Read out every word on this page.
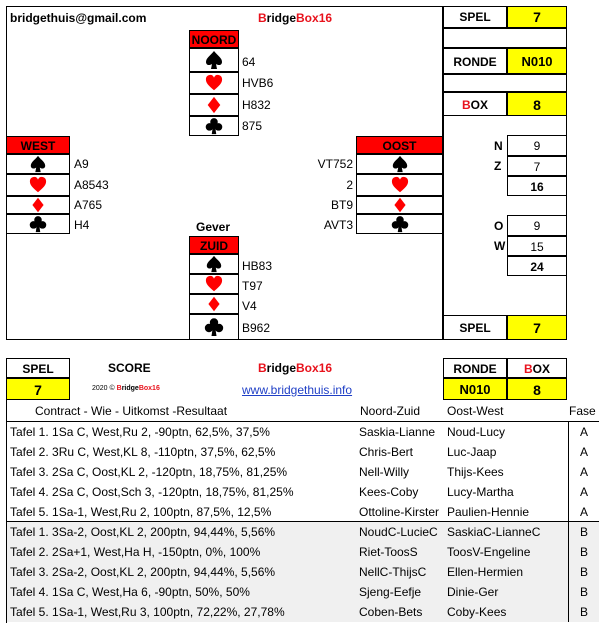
bridgethuis@gmail.com	BridgeBox16	SPEL	7
RONDE	N010
BOX	8
N	9
Z	7
16
O	9
W	15
24
SPEL	7
NOORD
64
HVB6
H832
875
WEST
A9
A8543
A765
H4
OOST
VT752
2
BT9
AVT3
Gever
ZUID
HB83
T97
V4
B962
SPEL	SCORE	BridgeBox16	RONDE	BOX
7	2020 © BridgeBox16	www.bridgethuis.info	N010	8
Contract - Wie - Uitkomst -Resultaat	Noord-Zuid Oost-West	Fase
Tafel 1. 1Sa C, West,Ru 2, -90ptn, 62,5%, 37,5%	Saskia-Lianne Noud-Lucy	A
Tafel 2. 3Ru C, West,KL 8, -110ptn, 37,5%, 62,5%	Chris-Bert	Luc-Jaap	A
Tafel 3. 2Sa C, Oost,KL 2, -120ptn, 18,75%, 81,25%	Nell-Willy	Thijs-Kees	A
Tafel 4. 2Sa C, Oost,Sch 3, -120ptn, 18,75%, 81,25%	Kees-Coby Lucy-Martha	A
Tafel 5. 1Sa-1, West,Ru 2, 100ptn, 87,5%, 12,5%	Ottoline-Kirster Paulien-Hennie	A
Tafel 1. 3Sa-2, Oost,KL 2, 200ptn, 94,44%, 5,56%	NoudC-LucieC SaskiaC-LianneC	B
Tafel 2. 2Sa+1, West,Ha H, -150ptn, 0%, 100%	Riet-ToosS ToosV-Engeline	B
Tafel 3. 2Sa-2, Oost,KL 2, 200ptn, 94,44%, 5,56%	NellC-ThijsC Ellen-Hermien	B
Tafel 4. 1Sa C, West,Ha 6, -90ptn, 50%, 50%	Sjeng-Eefje Dinie-Ger	B
Tafel 5. 1Sa-1, West,Ru 3, 100ptn, 72,22%, 27,78%	Coben-Bets Coby-Kees	B
